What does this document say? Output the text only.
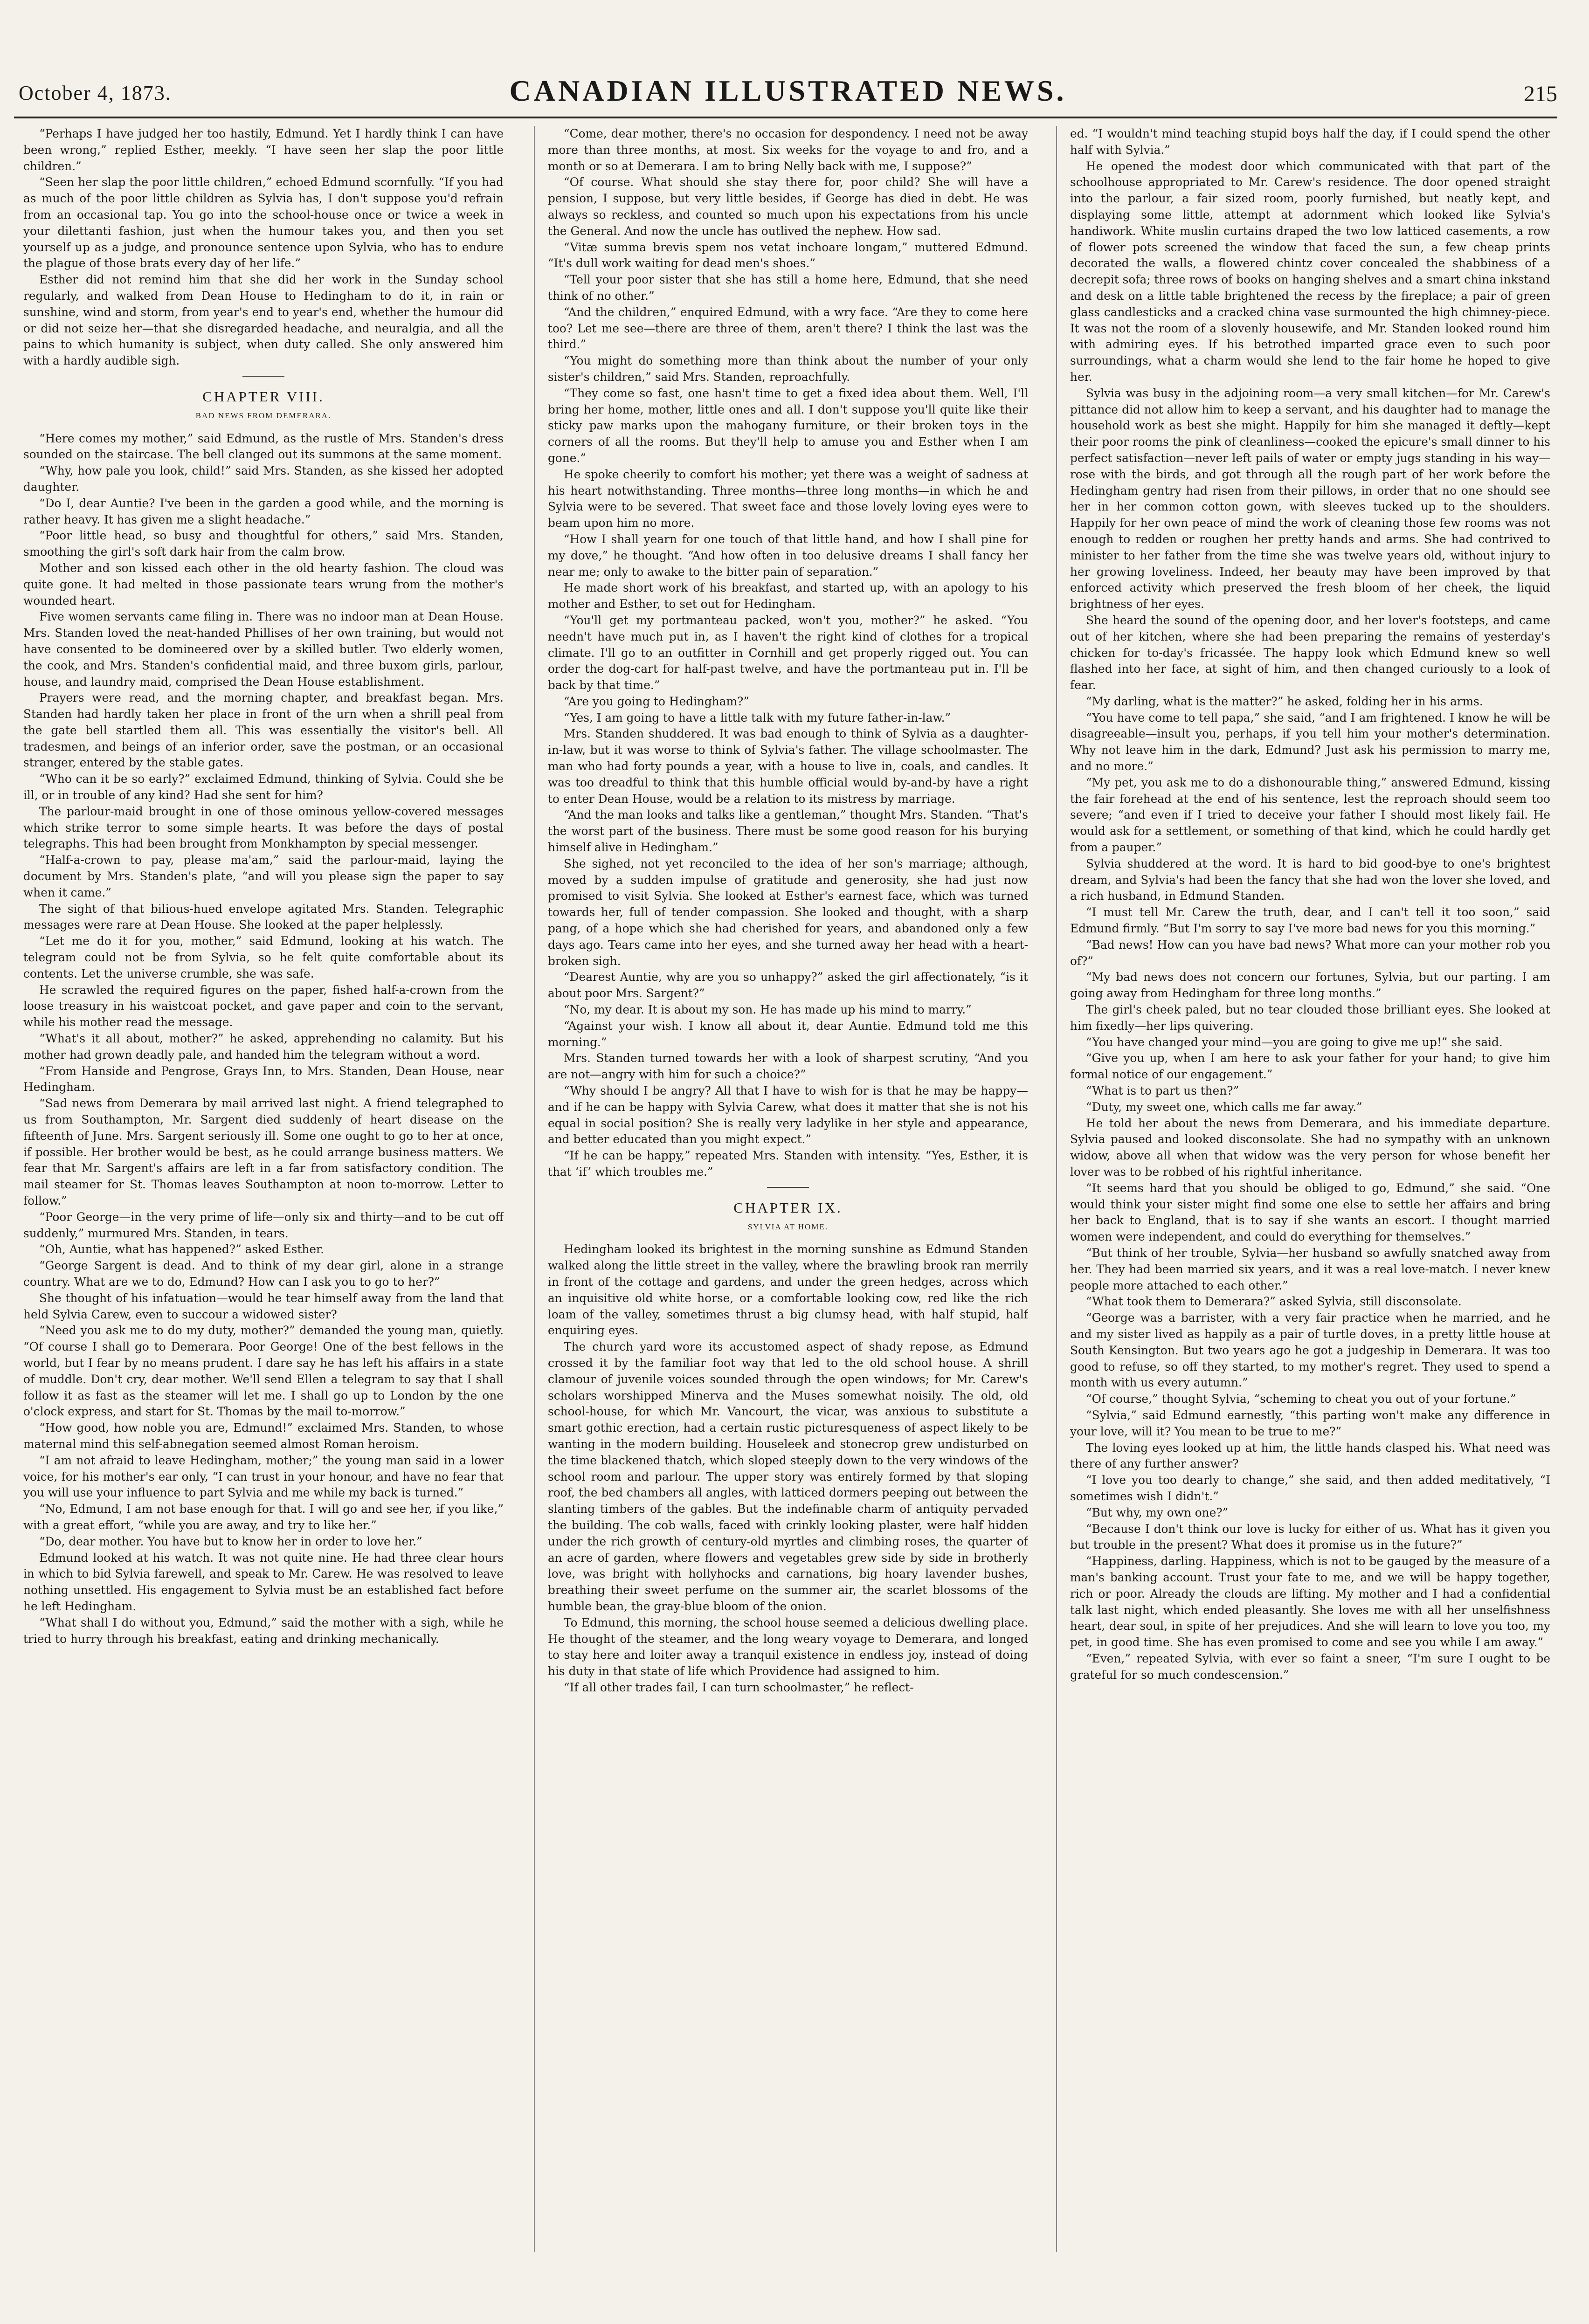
October 4, 1873.	CANADIAN ILLUSTRATED NEWS.	215

“Perhaps I have judged her too hastily, Edmund. Yet I hardly think I can have been wrong,” replied Esther, meekly. “I have seen her slap the poor little children.”

“Seen her slap the poor little children,” echoed Edmund scornfully. “If you had as much of the poor little children as Sylvia has, I don't suppose you'd refrain from an occasional tap. You go into the school-house once or twice a week in your dilettanti fashion, just when the humour takes you, and then you set yourself up as a judge, and pronounce sentence upon Sylvia, who has to endure the plague of those brats every day of her life.”

Esther did not remind him that she did her work in the Sunday school regularly, and walked from Dean House to Hedingham to do it, in rain or sunshine, wind and storm, from year's end to year's end, whether the humour did or did not seize her—that she disregarded headache, and neuralgia, and all the pains to which humanity is subject, when duty called. She only answered him with a hardly audible sigh.

CHAPTER VIII.
BAD NEWS FROM DEMERARA.

“Here comes my mother,” said Edmund, as the rustle of Mrs. Standen's dress sounded on the staircase. The bell clanged out its summons at the same moment.

“Why, how pale you look, child!” said Mrs. Standen, as she kissed her adopted daughter.

“Do I, dear Auntie? I've been in the garden a good while, and the morning is rather heavy. It has given me a slight headache.”

“Poor little head, so busy and thoughtful for others,” said Mrs. Standen, smoothing the girl's soft dark hair from the calm brow.

Mother and son kissed each other in the old hearty fashion. The cloud was quite gone. It had melted in those passionate tears wrung from the mother's wounded heart.

Five women servants came filing in. There was no indoor man at Dean House. Mrs. Standen loved the neat-handed Phillises of her own training, but would not have consented to be domineered over by a skilled butler. Two elderly women, the cook, and Mrs. Standen's confidential maid, and three buxom girls, parlour, house, and laundry maid, comprised the Dean House establishment.

Prayers were read, and the morning chapter, and breakfast began. Mrs. Standen had hardly taken her place in front of the urn when a shrill peal from the gate bell startled them all. This was essentially the visitor's bell. All tradesmen, and beings of an inferior order, save the postman, or an occasional stranger, entered by the stable gates.

“Who can it be so early?” exclaimed Edmund, thinking of Sylvia. Could she be ill, or in trouble of any kind? Had she sent for him?

The parlour-maid brought in one of those ominous yellow-covered messages which strike terror to some simple hearts. It was before the days of postal telegraphs. This had been brought from Monkhampton by special messenger.

“Half-a-crown to pay, please ma'am,” said the parlour-maid, laying the document by Mrs. Standen's plate, “and will you please sign the paper to say when it came.”

The sight of that bilious-hued envelope agitated Mrs. Standen. Telegraphic messages were rare at Dean House. She looked at the paper helplessly.

“Let me do it for you, mother,” said Edmund, looking at his watch. The telegram could not be from Sylvia, so he felt quite comfortable about its contents. Let the universe crumble, she was safe.

He scrawled the required figures on the paper, fished half-a-crown from the loose treasury in his waistcoat pocket, and gave paper and coin to the servant, while his mother read the message.

“What's it all about, mother?” he asked, apprehending no calamity. But his mother had grown deadly pale, and handed him the telegram without a word.

“From Hanside and Pengrose, Grays Inn, to Mrs. Standen, Dean House, near Hedingham.

“Sad news from Demerara by mail arrived last night. A friend telegraphed to us from Southampton, Mr. Sargent died suddenly of heart disease on the fifteenth of June. Mrs. Sargent seriously ill. Some one ought to go to her at once, if possible. Her brother would be best, as he could arrange business matters. We fear that Mr. Sargent's affairs are left in a far from satisfactory condition. The mail steamer for St. Thomas leaves Southampton at noon to-morrow. Letter to follow.”

“Poor George—in the very prime of life—only six and thirty—and to be cut off suddenly,” murmured Mrs. Standen, in tears.

“Oh, Auntie, what has happened?” asked Esther.

“George Sargent is dead. And to think of my dear girl, alone in a strange country. What are we to do, Edmund? How can I ask you to go to her?”

She thought of his infatuation—would he tear himself away from the land that held Sylvia Carew, even to succour a widowed sister?

“Need you ask me to do my duty, mother?” demanded the young man, quietly. “Of course I shall go to Demerara. Poor George! One of the best fellows in the world, but I fear by no means prudent. I dare say he has left his affairs in a state of muddle. Don't cry, dear mother. We'll send Ellen a telegram to say that I shall follow it as fast as the steamer will let me. I shall go up to London by the one o'clock express, and start for St. Thomas by the mail to-morrow.”

“How good, how noble you are, Edmund!” exclaimed Mrs. Standen, to whose maternal mind this self-abnegation seemed almost Roman heroism.

“I am not afraid to leave Hedingham, mother;” the young man said in a lower voice, for his mother's ear only, “I can trust in your honour, and have no fear that you will use your influence to part Sylvia and me while my back is turned.”

“No, Edmund, I am not base enough for that. I will go and see her, if you like,” with a great effort, “while you are away, and try to like her.”

“Do, dear mother. You have but to know her in order to love her.”

Edmund looked at his watch. It was not quite nine. He had three clear hours in which to bid Sylvia farewell, and speak to Mr. Carew. He was resolved to leave nothing unsettled. His engagement to Sylvia must be an established fact before he left Hedingham.

“What shall I do without you, Edmund,” said the mother with a sigh, while he tried to hurry through his breakfast, eating and drinking mechanically.

“Come, dear mother, there's no occasion for despondency. I need not be away more than three months, at most. Six weeks for the voyage to and fro, and a month or so at Demerara. I am to bring Nelly back with me, I suppose?”

“Of course. What should she stay there for, poor child? She will have a pension, I suppose, but very little besides, if George has died in debt. He was always so reckless, and counted so much upon his expectations from his uncle the General. And now the uncle has outlived the nephew. How sad.

“Vitæ summa brevis spem nos vetat inchoare longam,” muttered Edmund. “It's dull work waiting for dead men's shoes.”

“Tell your poor sister that she has still a home here, Edmund, that she need think of no other.”

“And the children,” enquired Edmund, with a wry face. “Are they to come here too? Let me see—there are three of them, aren't there? I think the last was the third.”

“You might do something more than think about the number of your only sister's children,” said Mrs. Standen, reproachfully.

“They come so fast, one hasn't time to get a fixed idea about them. Well, I'll bring her home, mother, little ones and all. I don't suppose you'll quite like their sticky paw marks upon the mahogany furniture, or their broken toys in the corners of all the rooms. But they'll help to amuse you and Esther when I am gone.”

He spoke cheerily to comfort his mother; yet there was a weight of sadness at his heart notwithstanding. Three months—three long months—in which he and Sylvia were to be severed. That sweet face and those lovely loving eyes were to beam upon him no more.

“How I shall yearn for one touch of that little hand, and how I shall pine for my dove,” he thought. “And how often in too delusive dreams I shall fancy her near me; only to awake to the bitter pain of separation.”

He made short work of his breakfast, and started up, with an apology to his mother and Esther, to set out for Hedingham.

“You'll get my portmanteau packed, won't you, mother?” he asked. “You needn't have much put in, as I haven't the right kind of clothes for a tropical climate. I'll go to an outfitter in Cornhill and get properly rigged out. You can order the dog-cart for half-past twelve, and have the portmanteau put in. I'll be back by that time.”

“Are you going to Hedingham?”

“Yes, I am going to have a little talk with my future father-in-law.”

Mrs. Standen shuddered. It was bad enough to think of Sylvia as a daughter-in-law, but it was worse to think of Sylvia's father. The village schoolmaster. The man who had forty pounds a year, with a house to live in, coals, and candles. It was too dreadful to think that this humble official would by-and-by have a right to enter Dean House, would be a relation to its mistress by marriage.

“And the man looks and talks like a gentleman,” thought Mrs. Standen. “That's the worst part of the business. There must be some good reason for his burying himself alive in Hedingham.”

She sighed, not yet reconciled to the idea of her son's marriage; although, moved by a sudden impulse of gratitude and generosity, she had just now promised to visit Sylvia. She looked at Esther's earnest face, which was turned towards her, full of tender compassion. She looked and thought, with a sharp pang, of a hope which she had cherished for years, and abandoned only a few days ago. Tears came into her eyes, and she turned away her head with a heart-broken sigh.

“Dearest Auntie, why are you so unhappy?” asked the girl affectionately, “is it about poor Mrs. Sargent?”

“No, my dear. It is about my son. He has made up his mind to marry.”

“Against your wish. I know all about it, dear Auntie. Edmund told me this morning.”

Mrs. Standen turned towards her with a look of sharpest scrutiny, “And you are not—angry with him for such a choice?”

“Why should I be angry? All that I have to wish for is that he may be happy—and if he can be happy with Sylvia Carew, what does it matter that she is not his equal in social position? She is really very ladylike in her style and appearance, and better educated than you might expect.”

“If he can be happy,” repeated Mrs. Standen with intensity. “Yes, Esther, it is that ‘if’ which troubles me.”

CHAPTER IX.
SYLVIA AT HOME.

Hedingham looked its brightest in the morning sunshine as Edmund Standen walked along the little street in the valley, where the brawling brook ran merrily in front of the cottage and gardens, and under the green hedges, across which an inquisitive old white horse, or a comfortable looking cow, red like the rich loam of the valley, sometimes thrust a big clumsy head, with half stupid, half enquiring eyes.

The church yard wore its accustomed aspect of shady repose, as Edmund crossed it by the familiar foot way that led to the old school house. A shrill clamour of juvenile voices sounded through the open windows; for Mr. Carew's scholars worshipped Minerva and the Muses somewhat noisily. The old, old school-house, for which Mr. Vancourt, the vicar, was anxious to substitute a smart gothic erection, had a certain rustic picturesqueness of aspect likely to be wanting in the modern building. Houseleek and stonecrop grew undisturbed on the time blackened thatch, which sloped steeply down to the very windows of the school room and parlour. The upper story was entirely formed by that sloping roof, the bed chambers all angles, with latticed dormers peeping out between the slanting timbers of the gables. But the indefinable charm of antiquity pervaded the building. The cob walls, faced with crinkly looking plaster, were half hidden under the rich growth of century-old myrtles and climbing roses, the quarter of an acre of garden, where flowers and vegetables grew side by side in brotherly love, was bright with hollyhocks and carnations, big hoary lavender bushes, breathing their sweet perfume on the summer air, the scarlet blossoms of the humble bean, the gray-blue bloom of the onion.

To Edmund, this morning, the school house seemed a delicious dwelling place. He thought of the steamer, and the long weary voyage to Demerara, and longed to stay here and loiter away a tranquil existence in endless joy, instead of doing his duty in that state of life which Providence had assigned to him.

“If all other trades fail, I can turn schoolmaster,” he reflect-

ed. “I wouldn't mind teaching stupid boys half the day, if I could spend the other half with Sylvia.”

He opened the modest door which communicated with that part of the schoolhouse appropriated to Mr. Carew's residence. The door opened straight into the parlour, a fair sized room, poorly furnished, but neatly kept, and displaying some little, attempt at adornment which looked like Sylvia's handiwork. White muslin curtains draped the two low latticed casements, a row of flower pots screened the window that faced the sun, a few cheap prints decorated the walls, a flowered chintz cover concealed the shabbiness of a decrepit sofa; three rows of books on hanging shelves and a smart china inkstand and desk on a little table brightened the recess by the fireplace; a pair of green glass candlesticks and a cracked china vase surmounted the high chimney-piece. It was not the room of a slovenly housewife, and Mr. Standen looked round him with admiring eyes. If his betrothed imparted grace even to such poor surroundings, what a charm would she lend to the fair home he hoped to give her.

Sylvia was busy in the adjoining room—a very small kitchen—for Mr. Carew's pittance did not allow him to keep a servant, and his daughter had to manage the household work as best she might. Happily for him she managed it deftly—kept their poor rooms the pink of cleanliness—cooked the epicure's small dinner to his perfect satisfaction—never left pails of water or empty jugs standing in his way—rose with the birds, and got through all the rough part of her work before the Hedingham gentry had risen from their pillows, in order that no one should see her in her common cotton gown, with sleeves tucked up to the shoulders. Happily for her own peace of mind the work of cleaning those few rooms was not enough to redden or roughen her pretty hands and arms. She had contrived to minister to her father from the time she was twelve years old, without injury to her growing loveliness. Indeed, her beauty may have been improved by that enforced activity which preserved the fresh bloom of her cheek, the liquid brightness of her eyes.

She heard the sound of the opening door, and her lover's footsteps, and came out of her kitchen, where she had been preparing the remains of yesterday's chicken for to-day's fricassée. The happy look which Edmund knew so well flashed into her face, at sight of him, and then changed curiously to a look of fear.

“My darling, what is the matter?” he asked, folding her in his arms.

“You have come to tell papa,” she said, “and I am frightened. I know he will be disagreeable—insult you, perhaps, if you tell him your mother's determination. Why not leave him in the dark, Edmund? Just ask his permission to marry me, and no more.”

“My pet, you ask me to do a dishonourable thing,” answered Edmund, kissing the fair forehead at the end of his sentence, lest the reproach should seem too severe; “and even if I tried to deceive your father I should most likely fail. He would ask for a settlement, or something of that kind, which he could hardly get from a pauper.”

Sylvia shuddered at the word. It is hard to bid good-bye to one's brightest dream, and Sylvia's had been the fancy that she had won the lover she loved, and a rich husband, in Edmund Standen.

“I must tell Mr. Carew the truth, dear, and I can't tell it too soon,” said Edmund firmly. “But I'm sorry to say I've more bad news for you this morning.”

“Bad news! How can you have bad news? What more can your mother rob you of?”

“My bad news does not concern our fortunes, Sylvia, but our parting. I am going away from Hedingham for three long months.”

The girl's cheek paled, but no tear clouded those brilliant eyes. She looked at him fixedly—her lips quivering.

“You have changed your mind—you are going to give me up!” she said.

“Give you up, when I am here to ask your father for your hand; to give him formal notice of our engagement.”

“What is to part us then?”

“Duty, my sweet one, which calls me far away.”

He told her about the news from Demerara, and his immediate departure. Sylvia paused and looked disconsolate. She had no sympathy with an unknown widow, above all when that widow was the very person for whose benefit her lover was to be robbed of his rightful inheritance.

“It seems hard that you should be obliged to go, Edmund,” she said. “One would think your sister might find some one else to settle her affairs and bring her back to England, that is to say if she wants an escort. I thought married women were independent, and could do everything for themselves.”

“But think of her trouble, Sylvia—her husband so awfully snatched away from her. They had been married six years, and it was a real love-match. I never knew people more attached to each other.”

“What took them to Demerara?” asked Sylvia, still disconsolate.

“George was a barrister, with a very fair practice when he married, and he and my sister lived as happily as a pair of turtle doves, in a pretty little house at South Kensington. But two years ago he got a judgeship in Demerara. It was too good to refuse, so off they started, to my mother's regret. They used to spend a month with us every autumn.”

“Of course,” thought Sylvia, “scheming to cheat you out of your fortune.”

“Sylvia,” said Edmund earnestly, “this parting won't make any difference in your love, will it? You mean to be true to me?”

The loving eyes looked up at him, the little hands clasped his. What need was there of any further answer?

“I love you too dearly to change,” she said, and then added meditatively, “I sometimes wish I didn't.”

“But why, my own one?”

“Because I don't think our love is lucky for either of us. What has it given you but trouble in the present? What does it promise us in the future?”

“Happiness, darling. Happiness, which is not to be gauged by the measure of a man's banking account. Trust your fate to me, and we will be happy together, rich or poor. Already the clouds are lifting. My mother and I had a confidential talk last night, which ended pleasantly. She loves me with all her unselfishness heart, dear soul, in spite of her prejudices. And she will learn to love you too, my pet, in good time. She has even promised to come and see you while I am away.”

“Even,” repeated Sylvia, with ever so faint a sneer, “I'm sure I ought to be grateful for so much condescension.”
